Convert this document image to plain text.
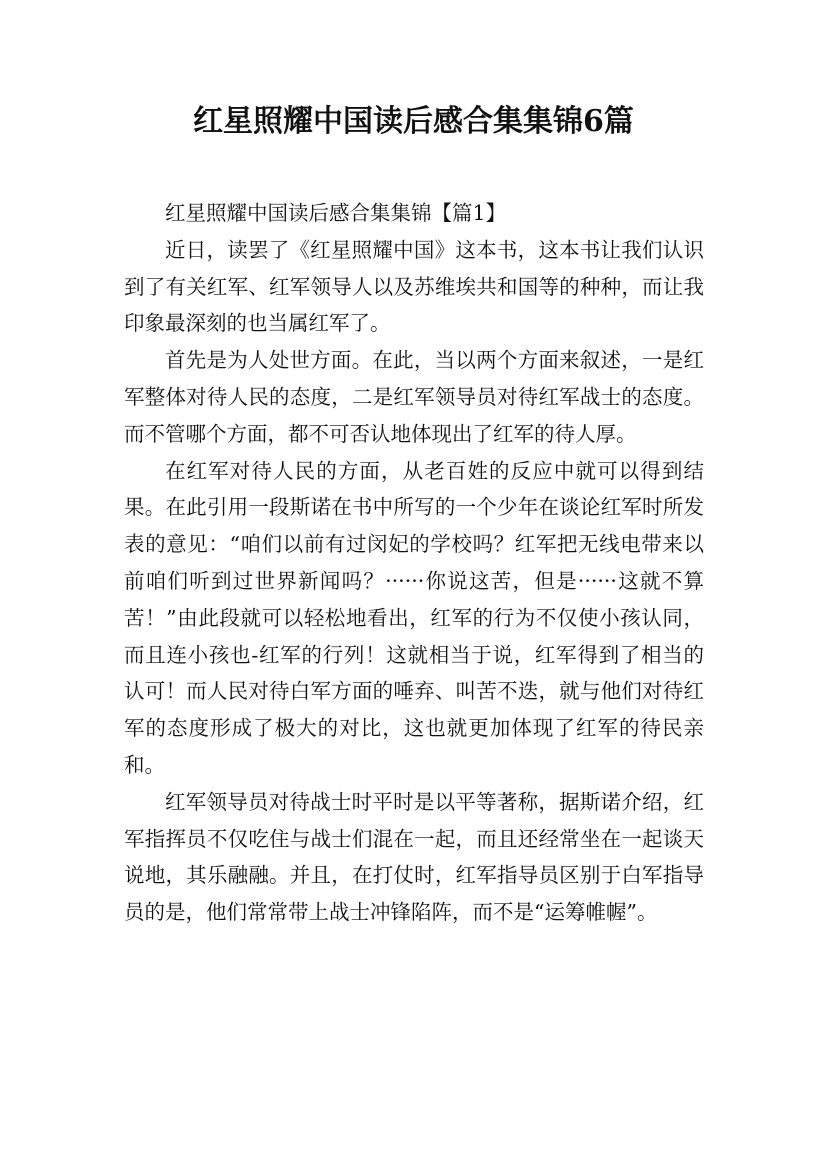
红星照耀中国读后感合集集锦6篇

红星照耀中国读后感合集集锦【篇1】

近日，读罢了《红星照耀中国》这本书，这本书让我们认识到了有关红军、红军领导人以及苏维埃共和国等的种种，而让我印象最深刻的也当属红军了。

首先是为人处世方面。在此，当以两个方面来叙述，一是红军整体对待人民的态度，二是红军领导员对待红军战士的态度。而不管哪个方面，都不可否认地体现出了红军的待人厚。

在红军对待人民的方面，从老百姓的反应中就可以得到结果。在此引用一段斯诺在书中所写的一个少年在谈论红军时所发表的意见：“咱们以前有过闵妃的学校吗？红军把无线电带来以前咱们听到过世界新闻吗？······你说这苦，但是······这就不算苦！”由此段就可以轻松地看出，红军的行为不仅使小孩认同，而且连小孩也-红军的行列！这就相当于说，红军得到了相当的认可！而人民对待白军方面的唾弃、叫苦不迭，就与他们对待红军的态度形成了极大的对比，这也就更加体现了红军的待民亲和。

红军领导员对待战士时平时是以平等著称，据斯诺介绍，红军指挥员不仅吃住与战士们混在一起，而且还经常坐在一起谈天说地，其乐融融。并且，在打仗时，红军指导员区别于白军指导员的是，他们常常带上战士冲锋陷阵，而不是“运筹帷幄”。
